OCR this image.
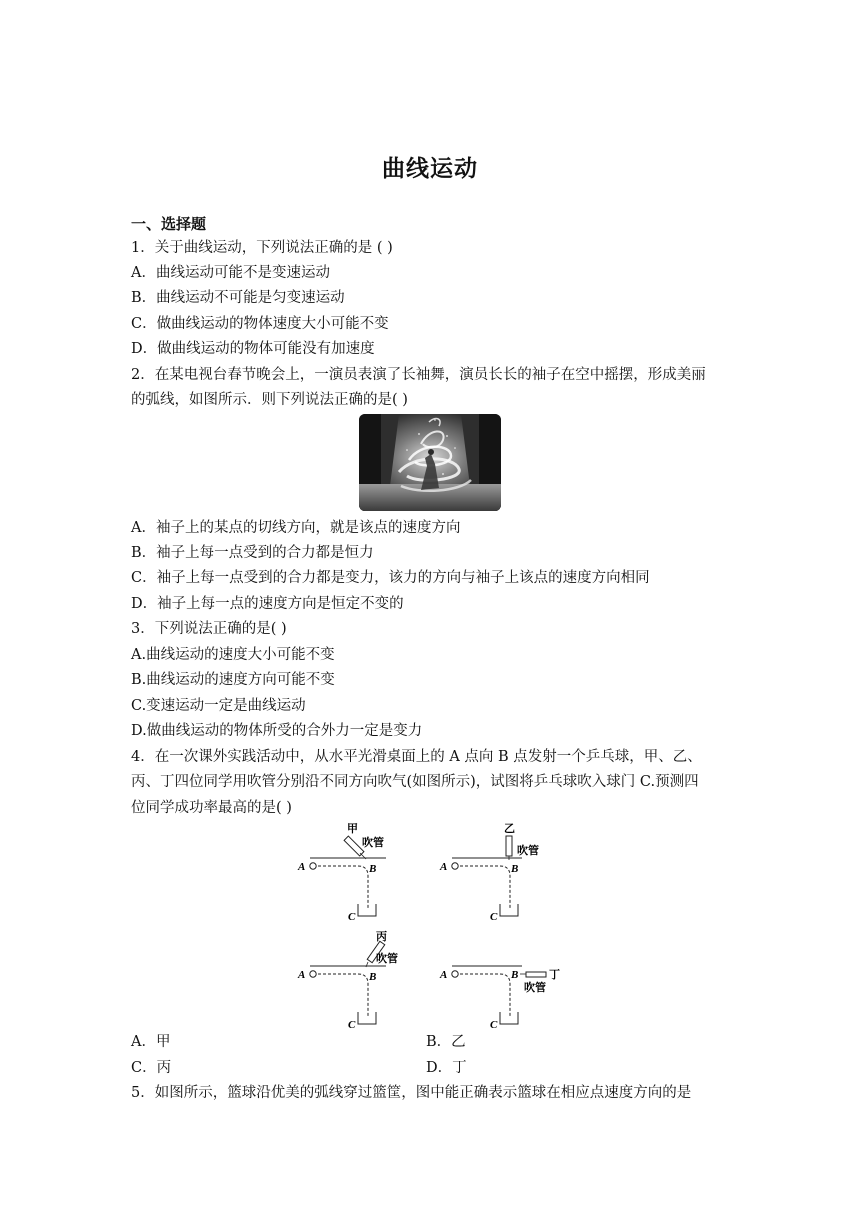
曲线运动
一、选择题
1．关于曲线运动，下列说法正确的是 ( )
A．曲线运动可能不是变速运动
B．曲线运动不可能是匀变速运动
C．做曲线运动的物体速度大小可能不变
D．做曲线运动的物体可能没有加速度
2．在某电视台春节晚会上，一演员表演了长袖舞，演员长长的袖子在空中摇摆，形成美丽
的弧线，如图所示．则下列说法正确的是( )
A．袖子上的某点的切线方向，就是该点的速度方向
B．袖子上每一点受到的合力都是恒力
C．袖子上每一点受到的合力都是变力，该力的方向与袖子上该点的速度方向相同
D．袖子上每一点的速度方向是恒定不变的
3．下列说法正确的是( )
A.曲线运动的速度大小可能不变
B.曲线运动的速度方向可能不变
C.变速运动一定是曲线运动
D.做曲线运动的物体所受的合外力一定是变力
4．在一次课外实践活动中，从水平光滑桌面上的 A 点向 B 点发射一个乒乓球，甲、乙、
丙、丁四位同学用吹管分别沿不同方向吹气(如图所示)，试图将乒乓球吹入球门 C.预测四
位同学成功率最高的是( )
A	B
C
甲
吹管
A	B
C
乙
吹管
A	B
C
丙
吹管
A	B
C
丁
吹管
A．甲	B．乙
C．丙	D．丁
5．如图所示，篮球沿优美的弧线穿过篮筐，图中能正确表示篮球在相应点速度方向的是
